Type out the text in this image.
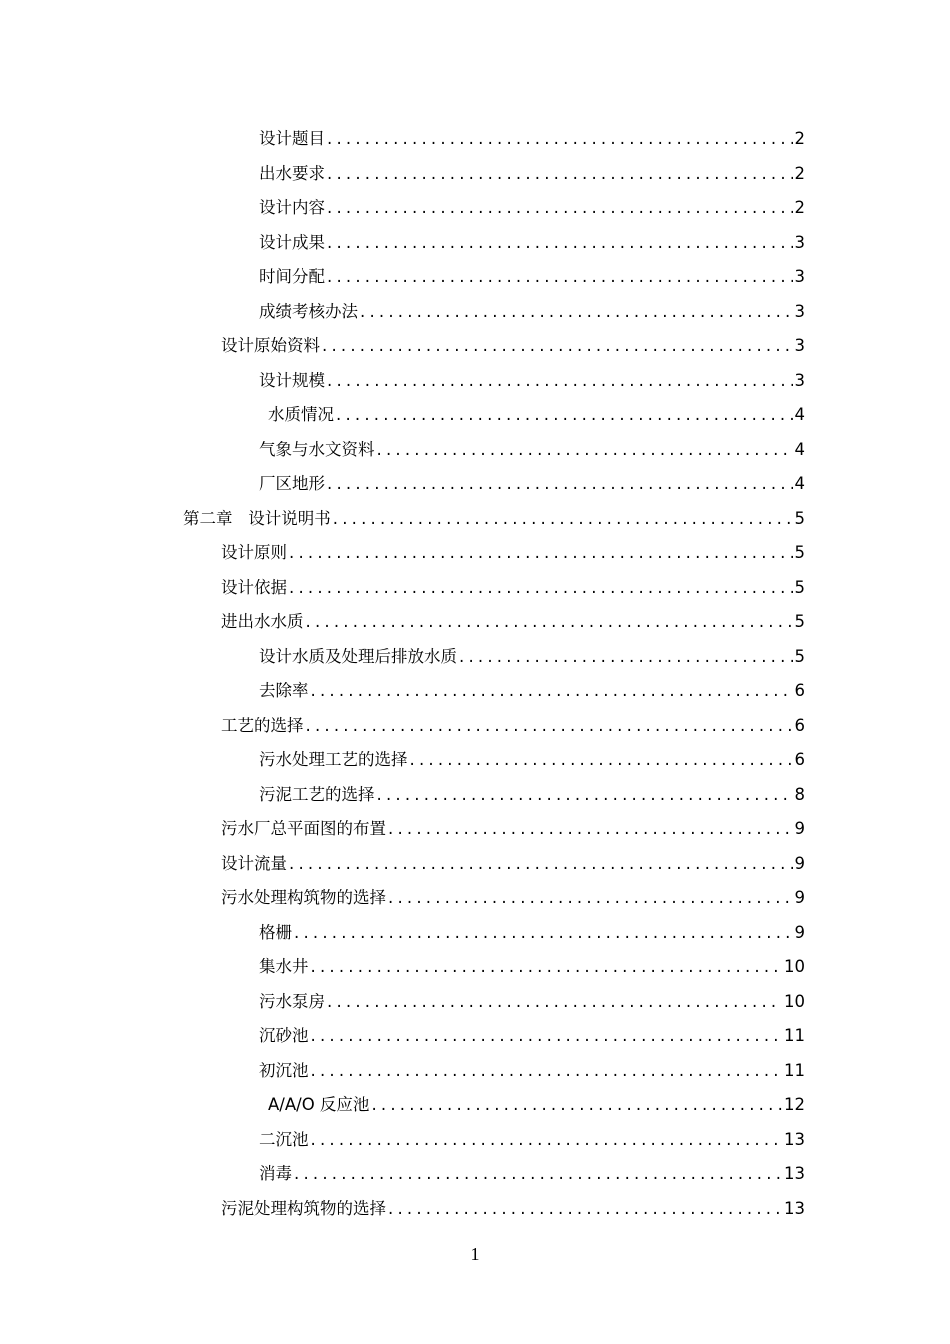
设计题目 .....	2
出水要求 .....	2
设计内容 .....	2
设计成果 .....	3
时间分配 .....	3
成绩考核办法 .....	3
设计原始资料 .....	3
设计规模 .....	3
水质情况 .....	4
气象与水文资料 .....	4
厂区地形 .....	4
第二章 设计说明书 .....	5
设计原则 .....	5
设计依据 .....	5
进出水水质 .....	5
设计水质及处理后排放水质 .....	5
去除率 .....	6
工艺的选择 .....	6
污水处理工艺的选择 .....	6
污泥工艺的选择 .....	8
污水厂总平面图的布置 .....	9
设计流量 .....	9
污水处理构筑物的选择 .....	9
格栅 .....	9
集水井 .....	10
污水泵房 .....	10
沉砂池 .....	11
初沉池 .....	11
A/A/O 反应池 .....	12
二沉池 .....	13
消毒 .....	13
污泥处理构筑物的选择 .....	13
1
